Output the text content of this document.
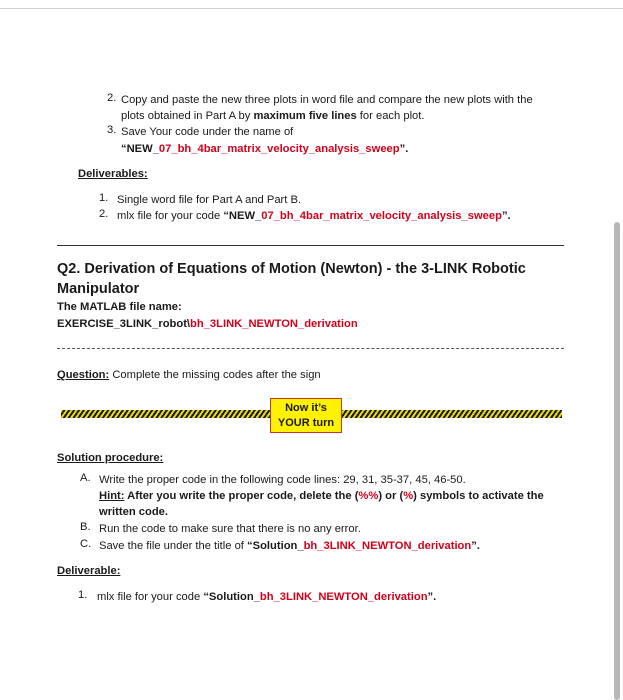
2. Copy and paste the new three plots in word file and compare the new plots with the
plots obtained in Part A by maximum five lines for each plot.
3. Save Your code under the name of
“NEW_07_bh_4bar_matrix_velocity_analysis_sweep”.
Deliverables:
1. Single word file for Part A and Part B.
2. mlx file for your code “NEW_07_bh_4bar_matrix_velocity_analysis_sweep”.
Q2. Derivation of Equations of Motion (Newton) - the 3-LINK Robotic
Manipulator
The MATLAB file name:
EXERCISE_3LINK_robot\bh_3LINK_NEWTON_derivation
Question: Complete the missing codes after the sign
Now it’s
YOUR turn
Solution procedure:
A. Write the proper code in the following code lines: 29, 31, 35-37, 45, 46-50.
Hint: After you write the proper code, delete the (%%) or (%) symbols to activate the
written code.
B. Run the code to make sure that there is no any error.
C. Save the file under the title of “Solution_bh_3LINK_NEWTON_derivation”.
Deliverable:
1. mlx file for your code “Solution_bh_3LINK_NEWTON_derivation”.
